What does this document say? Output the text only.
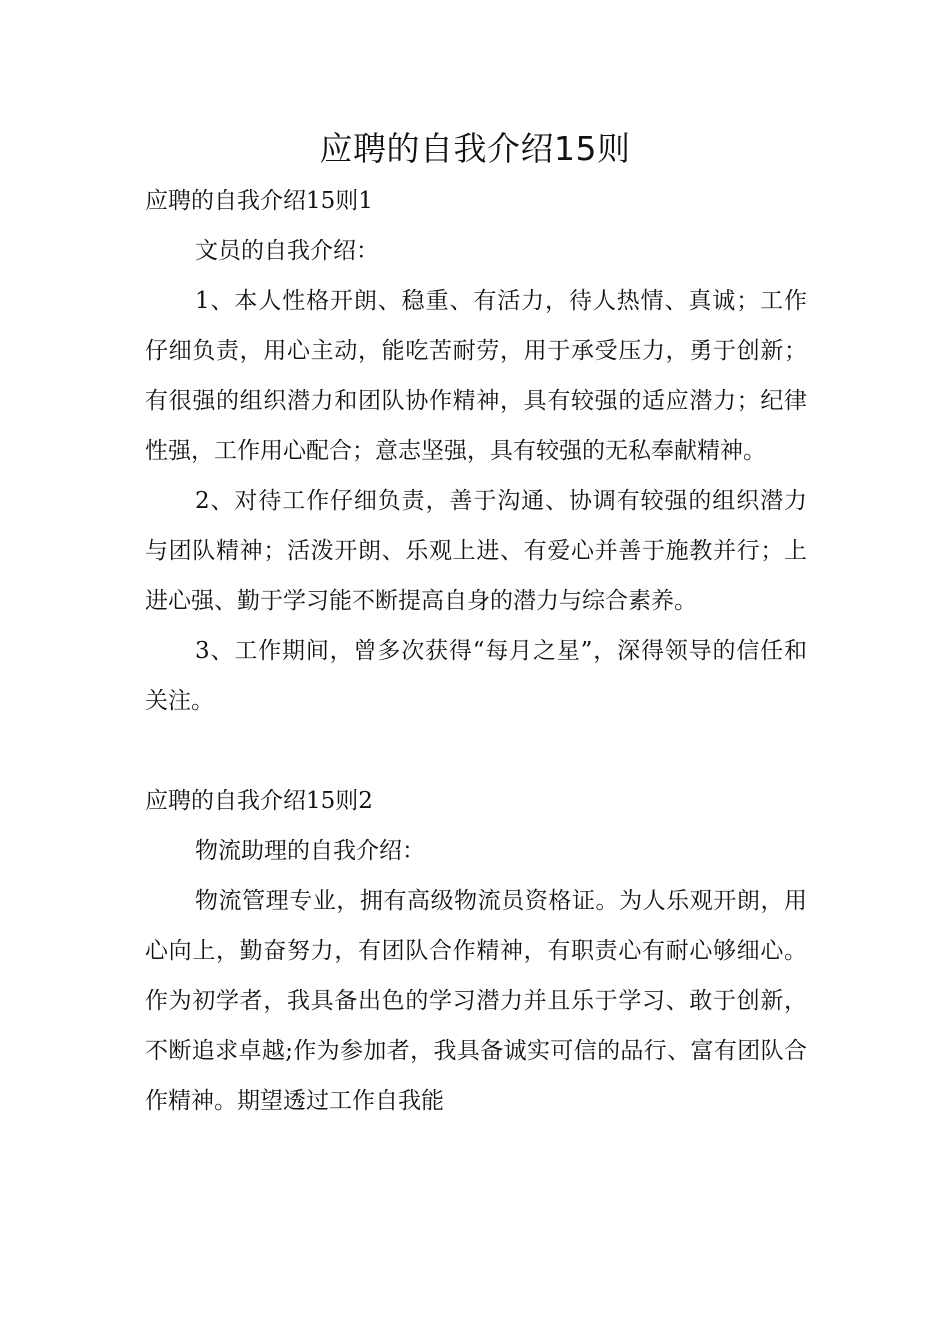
应聘的自我介绍15则

应聘的自我介绍15则1

文员的自我介绍：

1、本人性格开朗、稳重、有活力，待人热情、真诚；工作仔细负责，用心主动，能吃苦耐劳，用于承受压力，勇于创新；有很强的组织潜力和团队协作精神，具有较强的适应潜力；纪律性强，工作用心配合；意志坚强，具有较强的无私奉献精神。

2、对待工作仔细负责，善于沟通、协调有较强的组织潜力与团队精神；活泼开朗、乐观上进、有爱心并善于施教并行；上进心强、勤于学习能不断提高自身的潜力与综合素养。

3、工作期间，曾多次获得“每月之星”，深得领导的信任和关注。

应聘的自我介绍15则2

物流助理的自我介绍：

物流管理专业，拥有高级物流员资格证。为人乐观开朗，用心向上，勤奋努力，有团队合作精神，有职责心有耐心够细心。作为初学者，我具备出色的学习潜力并且乐于学习、敢于创新，不断追求卓越;作为参加者，我具备诚实可信的品行、富有团队合作精神。期望透过工作自我能
